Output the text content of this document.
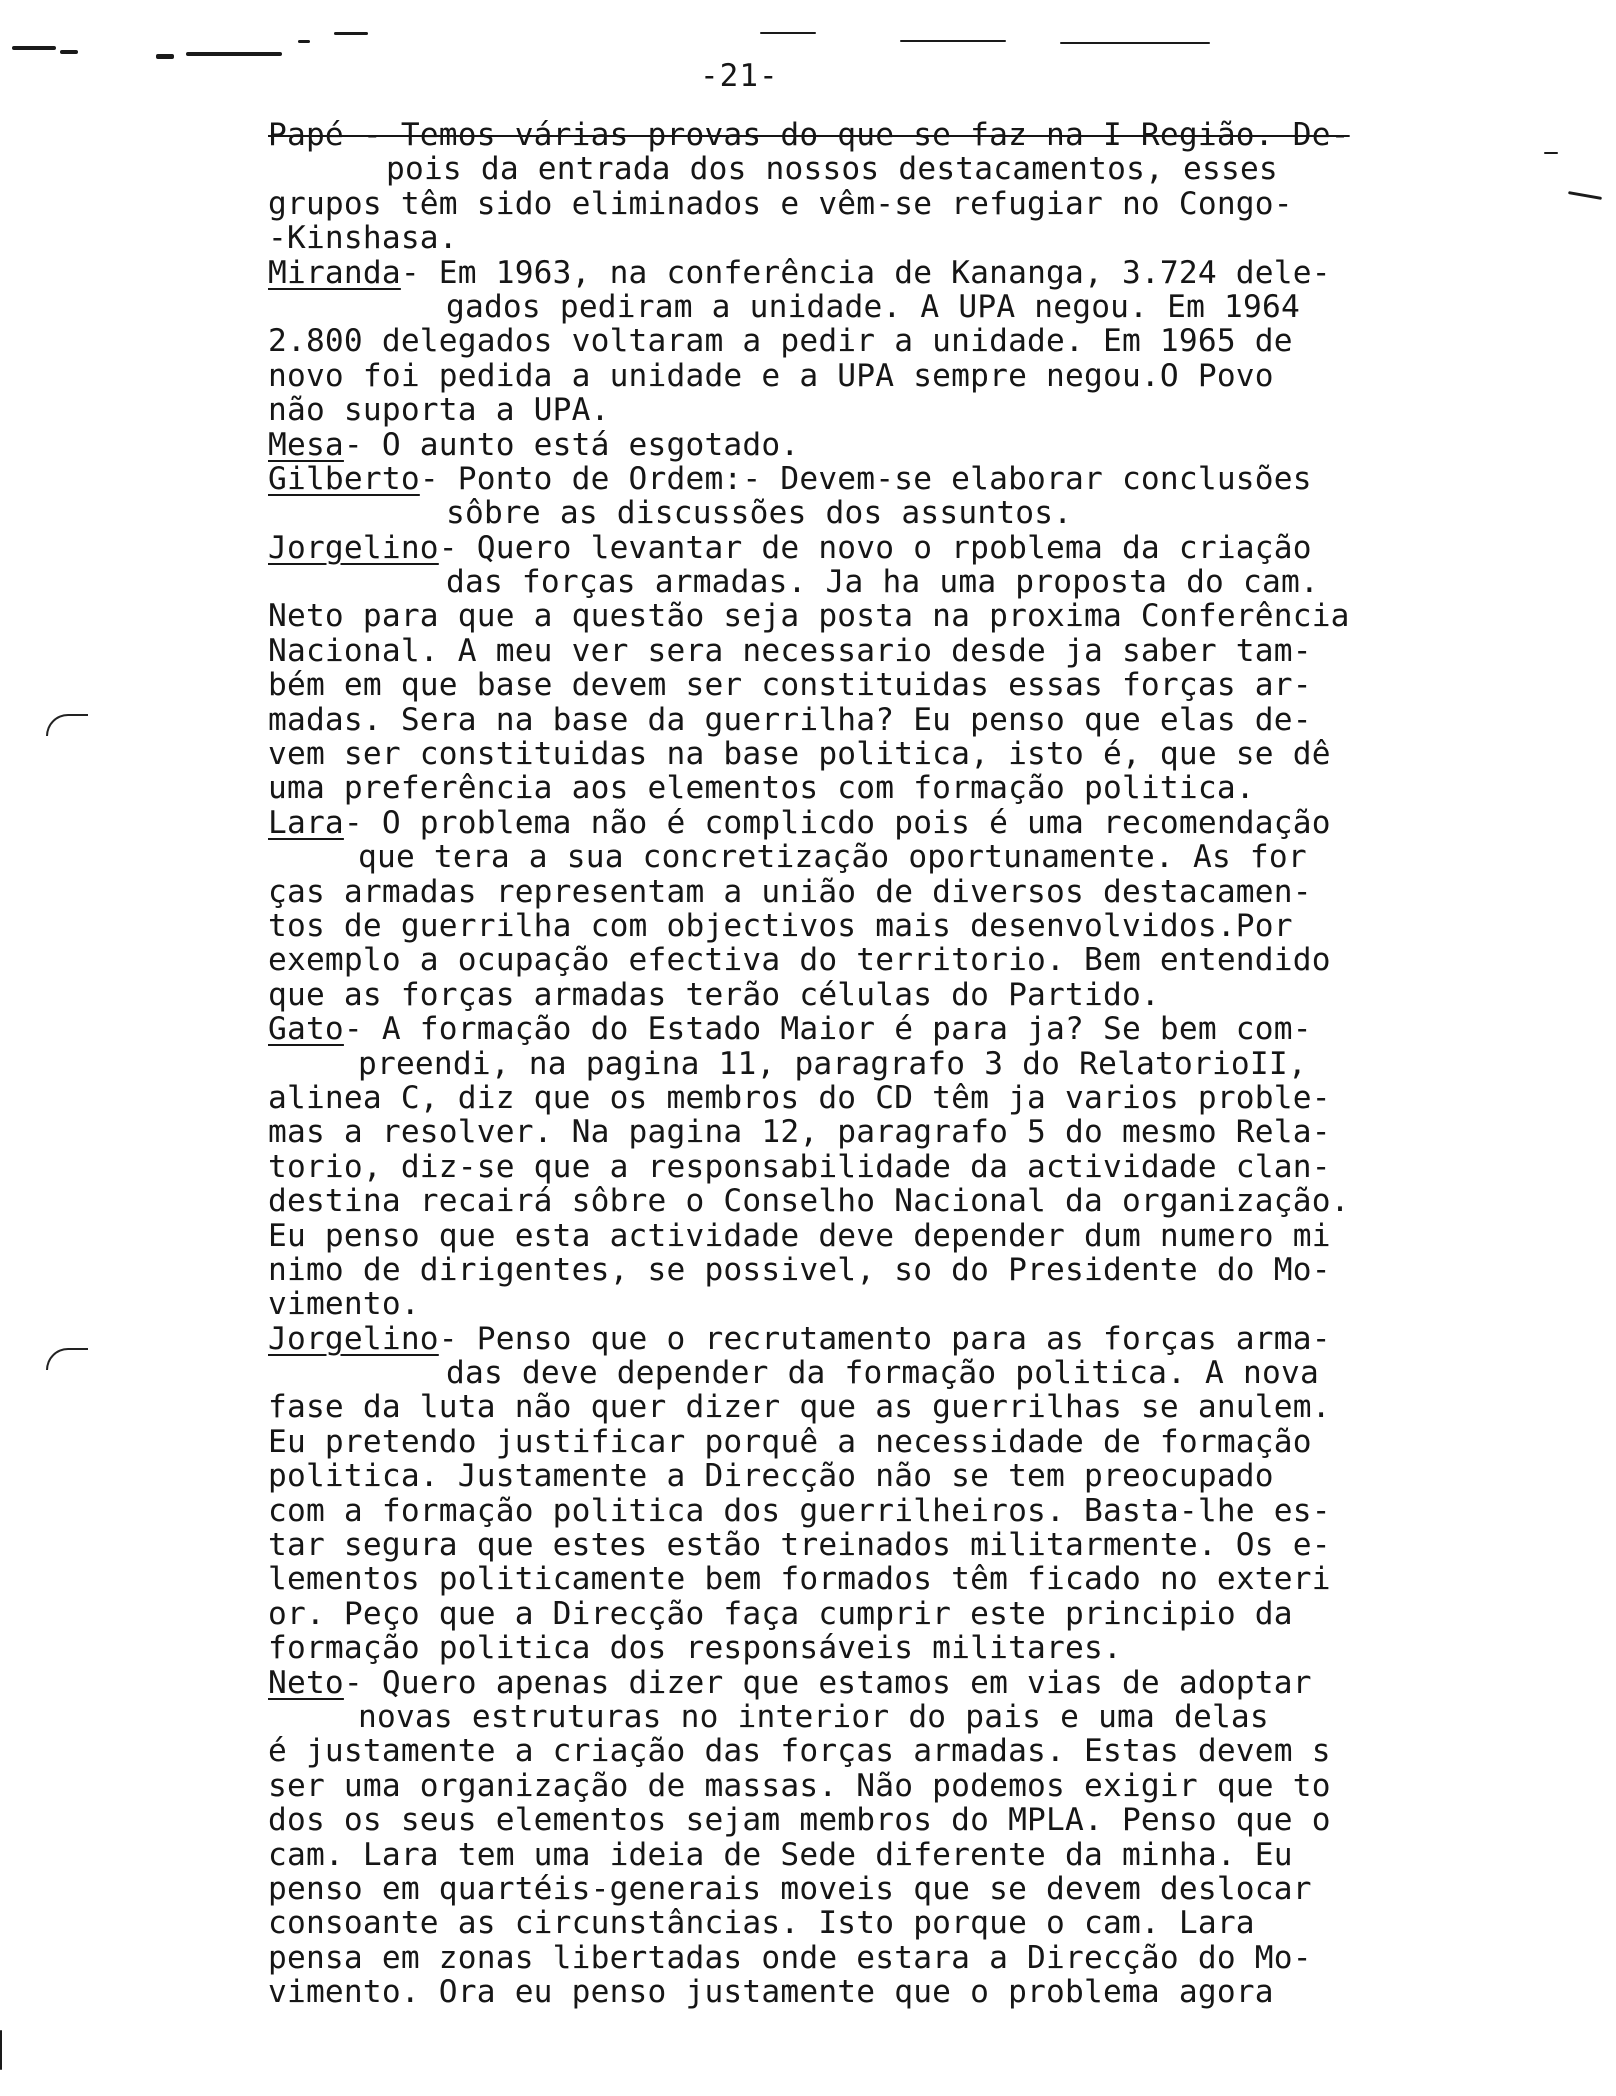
-21-
Papé - Temos várias provas do que se faz na I Região. De-
pois da entrada dos nossos destacamentos, esses
grupos têm sido eliminados e vêm-se refugiar no Congo-
-Kinshasa.
Miranda- Em 1963, na conferência de Kananga, 3.724 dele-
gados pediram a unidade. A UPA negou. Em 1964
2.800 delegados voltaram a pedir a unidade. Em 1965 de
novo foi pedida a unidade e a UPA sempre negou.O Povo
não suporta a UPA.
Mesa- O aunto está esgotado.
Gilberto- Ponto de Ordem:- Devem-se elaborar conclusões
sôbre as discussões dos assuntos.
Jorgelino- Quero levantar de novo o rpoblema da criação
das forças armadas. Ja ha uma proposta do cam.
Neto para que a questão seja posta na proxima Conferência
Nacional. A meu ver sera necessario desde ja saber tam-
bém em que base devem ser constituidas essas forças ar-
madas. Sera na base da guerrilha? Eu penso que elas de-
vem ser constituidas na base politica, isto é, que se dê
uma preferência aos elementos com formação politica.
Lara- O problema não é complicdo pois é uma recomendação
que tera a sua concretização oportunamente. As for
ças armadas representam a união de diversos destacamen-
tos de guerrilha com objectivos mais desenvolvidos.Por
exemplo a ocupação efectiva do territorio. Bem entendido
que as forças armadas terão células do Partido.
Gato- A formação do Estado Maior é para ja? Se bem com-
preendi, na pagina 11, paragrafo 3 do RelatorioII,
alinea C, diz que os membros do CD têm ja varios proble-
mas a resolver. Na pagina 12, paragrafo 5 do mesmo Rela-
torio, diz-se que a responsabilidade da actividade clan-
destina recairá sôbre o Conselho Nacional da organização.
Eu penso que esta actividade deve depender dum numero mi
nimo de dirigentes, se possivel, so do Presidente do Mo-
vimento.
Jorgelino- Penso que o recrutamento para as forças arma-
das deve depender da formação politica. A nova
fase da luta não quer dizer que as guerrilhas se anulem.
Eu pretendo justificar porquê a necessidade de formação
politica. Justamente a Direcção não se tem preocupado
com a formação politica dos guerrilheiros. Basta-lhe es-
tar segura que estes estão treinados militarmente. Os e-
lementos politicamente bem formados têm ficado no exteri
or. Peço que a Direcção faça cumprir este principio da
formação politica dos responsáveis militares.
Neto- Quero apenas dizer que estamos em vias de adoptar
novas estruturas no interior do pais e uma delas
é justamente a criação das forças armadas. Estas devem s
ser uma organização de massas. Não podemos exigir que to
dos os seus elementos sejam membros do MPLA. Penso que o
cam. Lara tem uma ideia de Sede diferente da minha. Eu
penso em quartéis-generais moveis que se devem deslocar
consoante as circunstâncias. Isto porque o cam. Lara
pensa em zonas libertadas onde estara a Direcção do Mo-
vimento. Ora eu penso justamente que o problema agora
